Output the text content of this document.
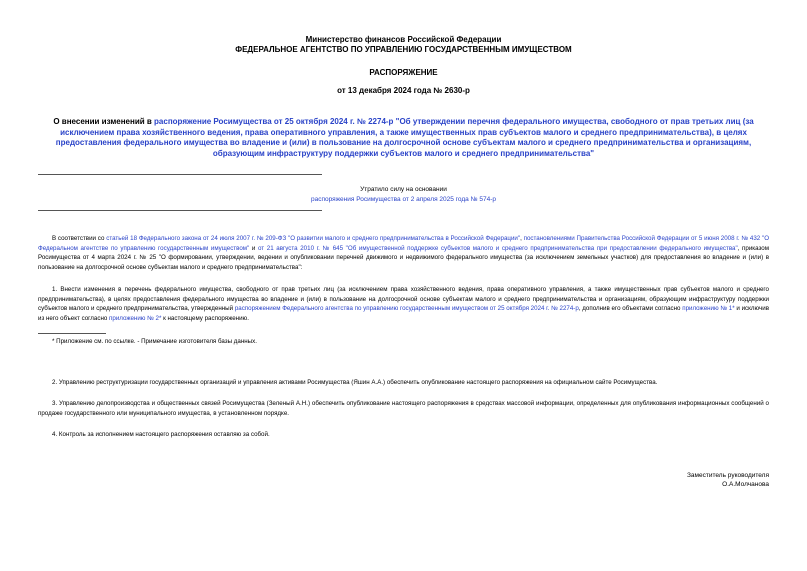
Министерство финансов Российской Федерации
ФЕДЕРАЛЬНОЕ АГЕНТСТВО ПО УПРАВЛЕНИЮ ГОСУДАРСТВЕННЫМ ИМУЩЕСТВОМ
РАСПОРЯЖЕНИЕ
от 13 декабря 2024 года № 2630-р
О внесении изменений в распоряжение Росимущества от 25 октября 2024 г. № 2274-р "Об утверждении перечня федерального имущества, свободного от прав третьих лиц (за исключением права хозяйственного ведения, права оперативного управления, а также имущественных прав субъектов малого и среднего предпринимательства), в целях предоставления федерального имущества во владение и (или) в пользование на долгосрочной основе субъектам малого и среднего предпринимательства и организациям, образующим инфраструктуру поддержки субъектов малого и среднего предпринимательства"
Утратило силу на основании
распоряжения Росимущества от 2 апреля 2025 года № 574-р
В соответствии со статьей 18 Федерального закона от 24 июля 2007 г. № 209-ФЗ "О развитии малого и среднего предпринимательства в Российской Федерации", постановлениями Правительства Российской Федерации от 5 июня 2008 г. № 432 "О Федеральном агентстве по управлению государственным имуществом" и от 21 августа 2010 г. № 645 "Об имущественной поддержке субъектов малого и среднего предпринимательства при предоставлении федерального имущества", приказом Росимущества от 4 марта 2024 г. № 25 "О формировании, утверждении, ведении и опубликовании перечней движимого и недвижимого федерального имущества (за исключением земельных участков) для предоставления во владение и (или) в пользование на долгосрочной основе субъектам малого и среднего предпринимательства":
1. Внести изменения в перечень федерального имущества, свободного от прав третьих лиц (за исключением права хозяйственного ведения, права оперативного управления, а также имущественных прав субъектов малого и среднего предпринимательства), в целях предоставления федерального имущества во владение и (или) в пользование на долгосрочной основе субъектам малого и среднего предпринимательства и организациям, образующим инфраструктуру поддержки субъектов малого и среднего предпринимательства, утвержденный распоряжением Федерального агентства по управлению государственным имуществом от 25 октября 2024 г. № 2274-р, дополнив его объектами согласно приложению № 1* и исключив из него объект согласно приложению № 2* к настоящему распоряжению.
* Приложение см. по ссылке. - Примечание изготовителя базы данных.
2. Управлению реструктуризации государственных организаций и управления активами Росимущества (Яшин А.А.) обеспечить опубликование настоящего распоряжения на официальном сайте Росимущества.
3. Управлению делопроизводства и общественных связей Росимущества (Зеленый А.Н.) обеспечить опубликование настоящего распоряжения в средствах массовой информации, определенных для опубликования информационных сообщений о продаже государственного или муниципального имущества, в установленном порядке.
4. Контроль за исполнением настоящего распоряжения оставляю за собой.
Заместитель руководителя
О.А.Молчанова
